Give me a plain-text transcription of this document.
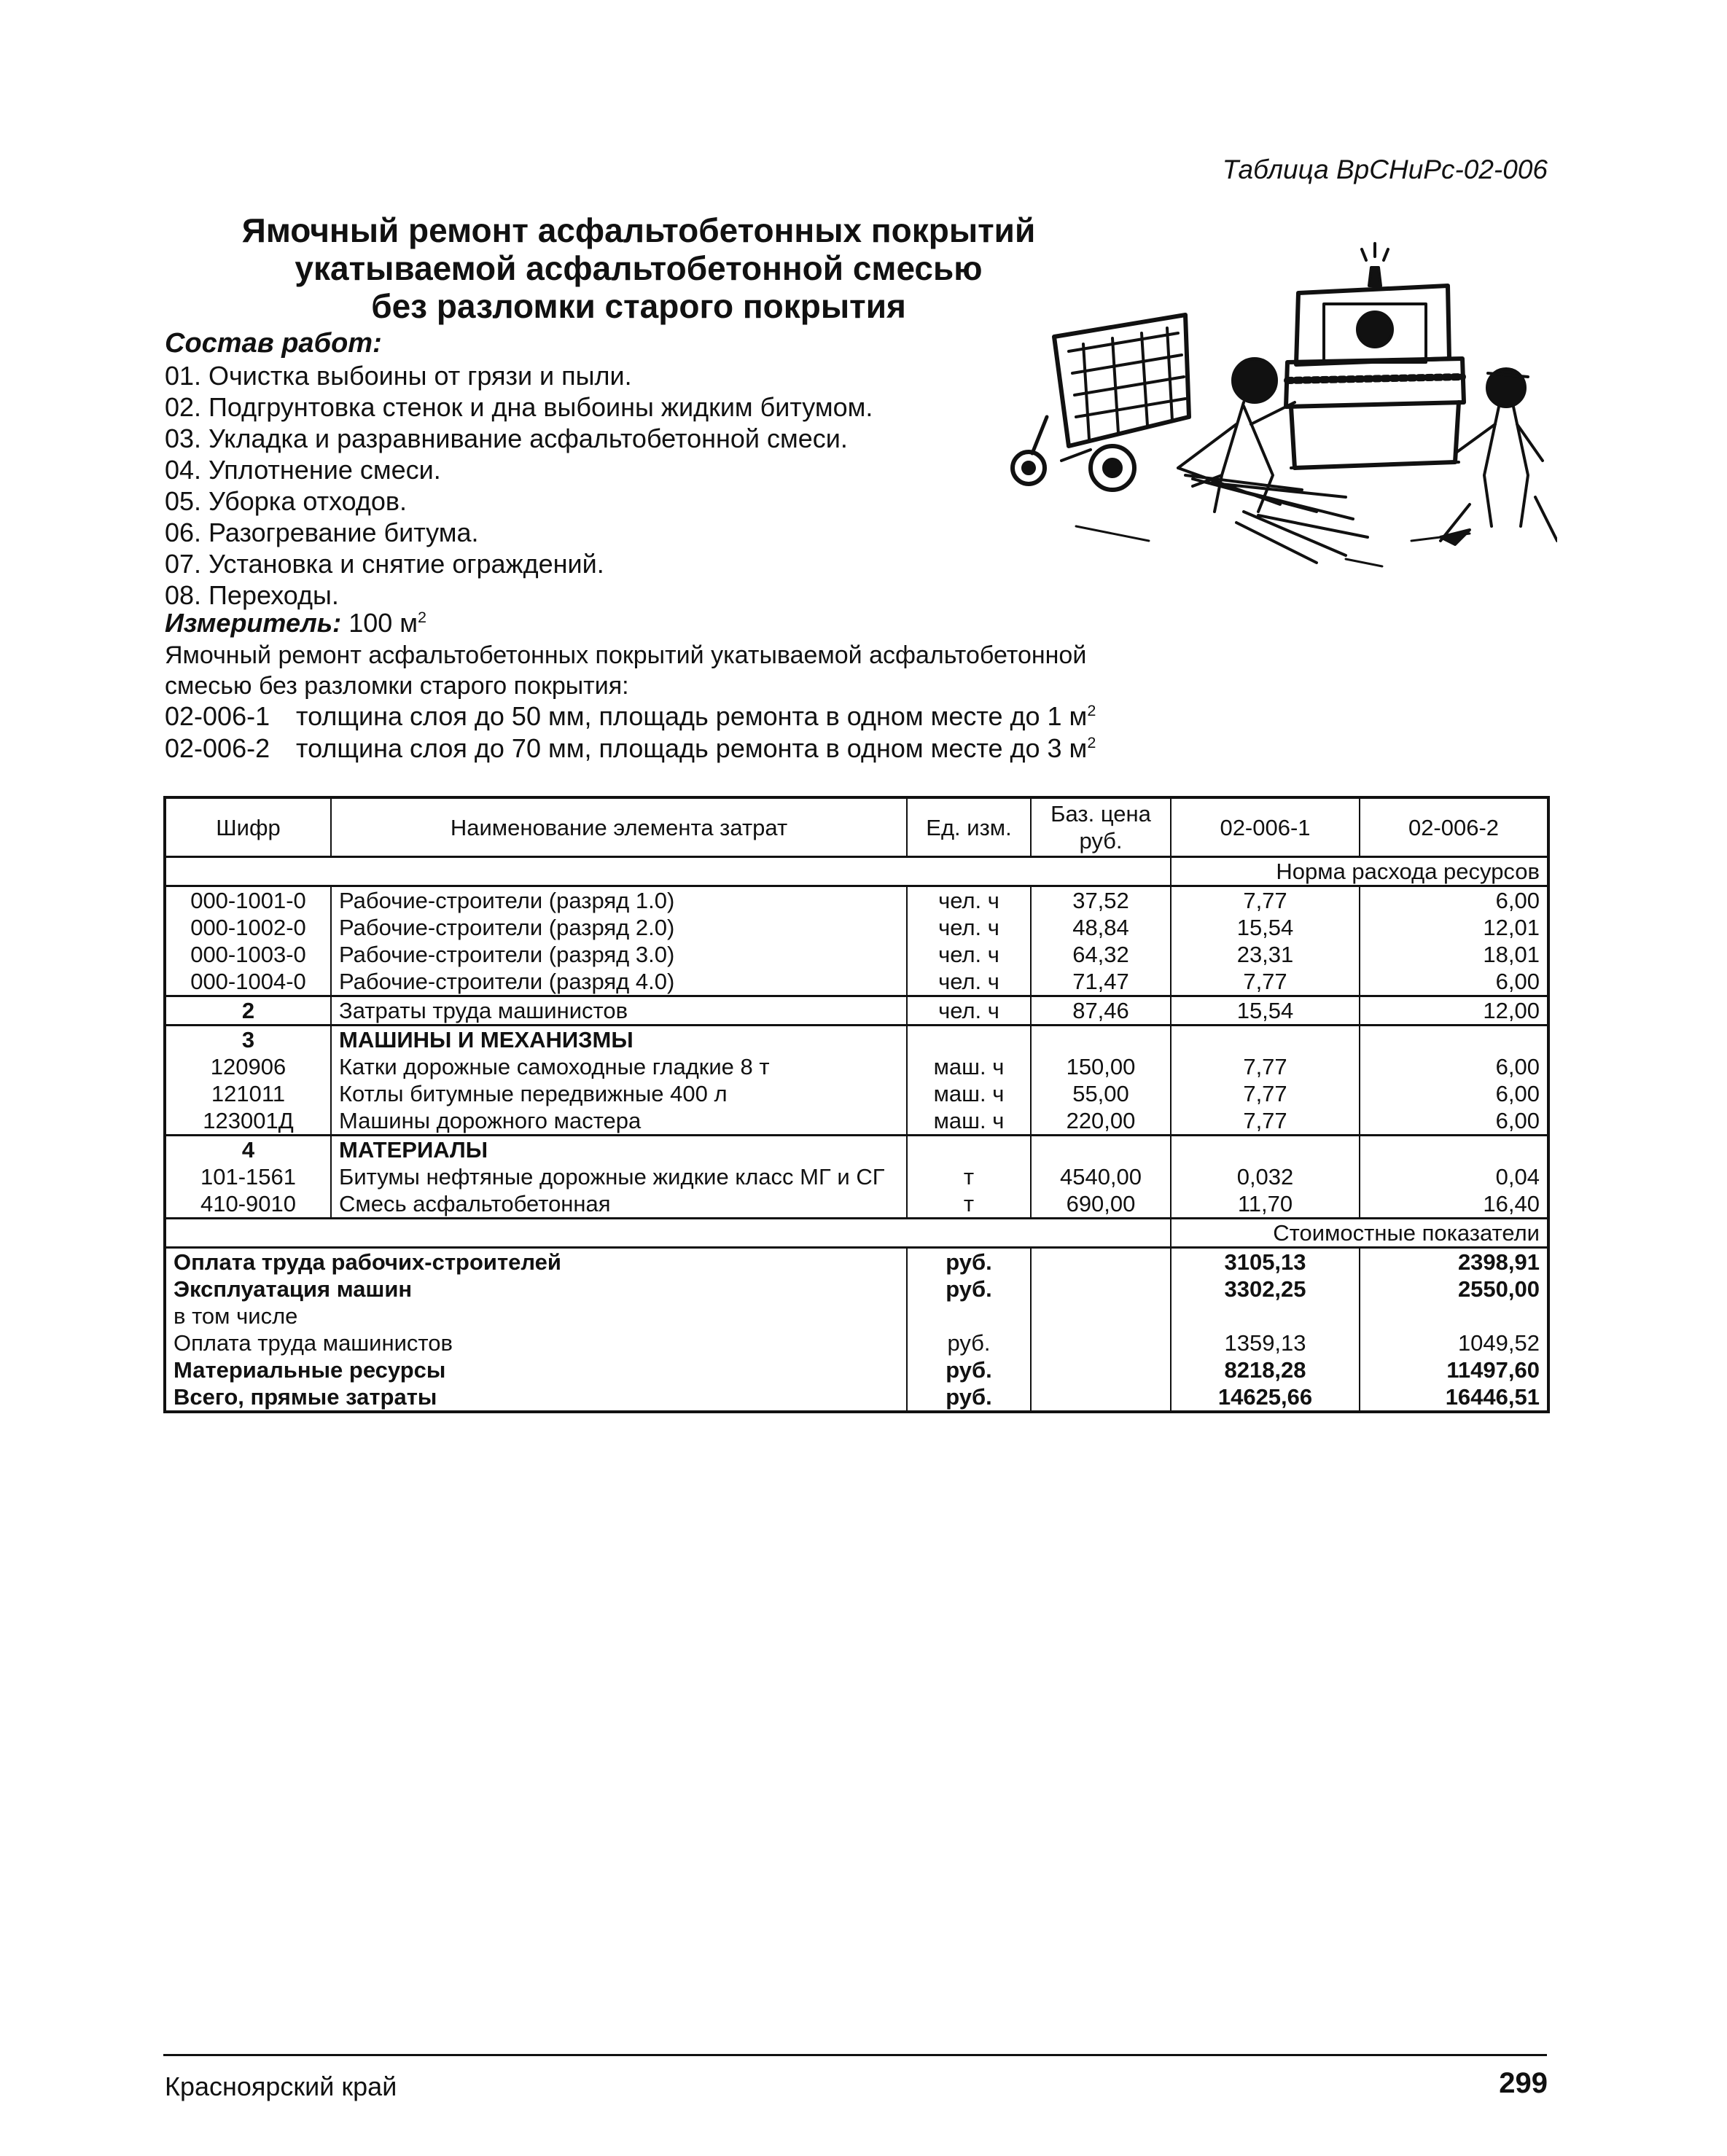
Таблица ВрСНиРс-02-006
Ямочный ремонт асфальтобетонных покрытий
укатываемой асфальтобетонной смесью
без разломки старого покрытия
Состав работ:
01. Очистка выбоины от грязи и пыли.
02. Подгрунтовка стенок и дна выбоины жидким битумом.
03. Укладка и разравнивание асфальтобетонной смеси.
04. Уплотнение смеси.
05. Уборка отходов.
06. Разогревание битума.
07. Установка и снятие ограждений.
08. Переходы.
Измеритель: 100 $м^2$
Ямочный ремонт асфальтобетонных покрытий укатываемой асфальтобетонной смесью без разломки старого покрытия:
02-006-1 толщина слоя до 50 мм, площадь ремонта в одном месте до 1 $м^2$
02-006-2 толщина слоя до 70 мм, площадь ремонта в одном месте до 3 $м^2$
Шифр	Наименование элемента затрат	Ед. изм.	Баз. цена руб.	02-006-1	02-006-2
				Норма расхода ресурсов	
000-1001-0	Рабочие-строители (разряд 1.0)	чел. ч	37,52	7,77	6,00
000-1002-0	Рабочие-строители (разряд 2.0)	чел. ч	48,84	15,54	12,01
000-1003-0	Рабочие-строители (разряд 3.0)	чел. ч	64,32	23,31	18,01
000-1004-0	Рабочие-строители (разряд 4.0)	чел. ч	71,47	7,77	6,00
2	Затраты труда машинистов	чел. ч	87,46	15,54	12,00
3	МАШИНЫ И МЕХАНИЗМЫ				
120906	Катки дорожные самоходные гладкие 8 т	маш. ч	150,00	7,77	6,00
121011	Котлы битумные передвижные 400 л	маш. ч	55,00	7,77	6,00
123001Д	Машины дорожного мастера	маш. ч	220,00	7,77	6,00
4	МАТЕРИАЛЫ				
101-1561	Битумы нефтяные дорожные жидкие класс МГ и СГ	т	4540,00	0,032	0,04
410-9010	Смесь асфальтобетонная	т	690,00	11,70	16,40
				Стоимостные показатели	
Оплата труда рабочих-строителей		руб.		3105,13	2398,91
Эксплуатация машин		руб.		3302,25	2550,00
в том числе					
Оплата труда машинистов		руб.		1359,13	1049,52
Материальные ресурсы		руб.		8218,28	11497,60
Всего, прямые затраты		руб.		14625,66	16446,51
Красноярский край	299
